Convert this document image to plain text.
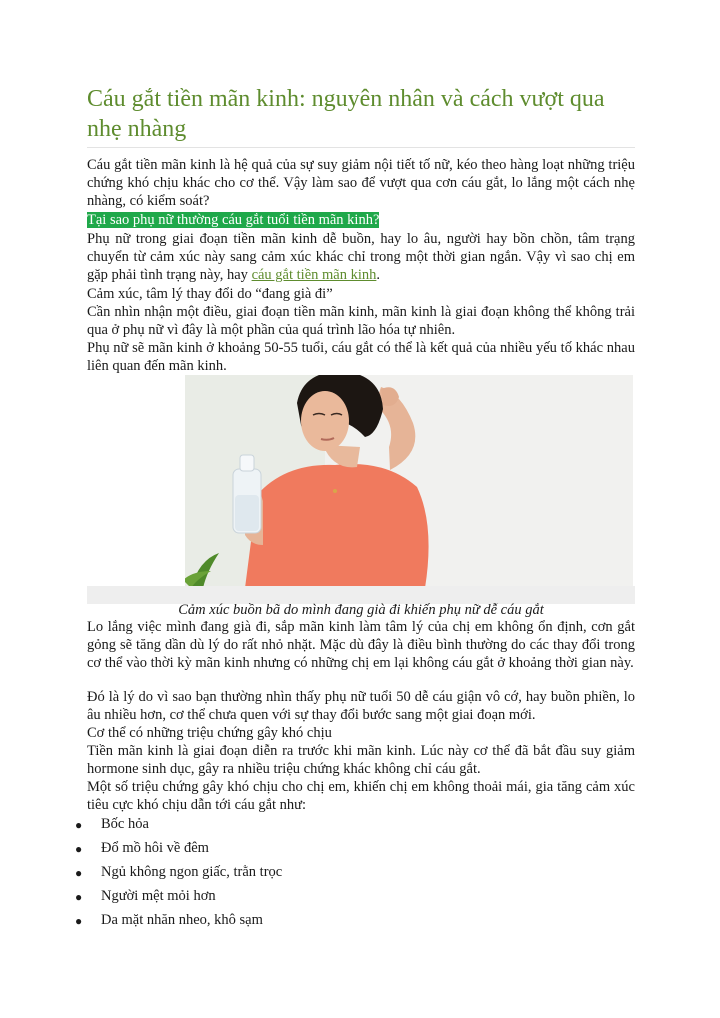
Cáu gắt tiền mãn kinh: nguyên nhân và cách vượt qua nhẹ nhàng

Cáu gắt tiền mãn kinh là hệ quả của sự suy giảm nội tiết tố nữ, kéo theo hàng loạt những triệu chứng khó chịu khác cho cơ thể. Vậy làm sao để vượt qua cơn cáu gắt, lo lắng một cách nhẹ nhàng, có kiểm soát?

Tại sao phụ nữ thường cáu gắt tuổi tiền mãn kinh?

Phụ nữ trong giai đoạn tiền mãn kinh dễ buồn, hay lo âu, người hay bồn chồn, tâm trạng chuyển từ cảm xúc này sang cảm xúc khác chỉ trong một thời gian ngắn. Vậy vì sao chị em gặp phải tình trạng này, hay cáu gắt tiền mãn kinh.

Cảm xúc, tâm lý thay đổi do “đang già đi”

Cần nhìn nhận một điều, giai đoạn tiền mãn kinh, mãn kinh là giai đoạn không thể không trải qua ở phụ nữ vì đây là một phần của quá trình lão hóa tự nhiên.

Phụ nữ sẽ mãn kinh ở khoảng 50-55 tuổi, cáu gắt có thể là kết quả của nhiều yếu tố khác nhau liên quan đến mãn kinh.

Cảm xúc buồn bã do mình đang già đi khiến phụ nữ dễ cáu gắt

Lo lắng việc mình đang già đi, sắp mãn kinh làm tâm lý của chị em không ổn định, cơn gắt gỏng sẽ tăng dần dù lý do rất nhỏ nhặt. Mặc dù đây là điều bình thường do các thay đổi trong cơ thể vào thời kỳ mãn kinh nhưng có những chị em lại không cáu gắt ở khoảng thời gian này.

Đó là lý do vì sao bạn thường nhìn thấy phụ nữ tuổi 50 dễ cáu giận vô cớ, hay buồn phiền, lo âu nhiều hơn, cơ thể chưa quen với sự thay đổi bước sang một giai đoạn mới.

Cơ thể có những triệu chứng gây khó chịu

Tiền mãn kinh là giai đoạn diễn ra trước khi mãn kinh. Lúc này cơ thể đã bắt đầu suy giảm hormone sinh dục, gây ra nhiều triệu chứng khác không chỉ cáu gắt.

Một số triệu chứng gây khó chịu cho chị em, khiến chị em không thoải mái, gia tăng cảm xúc tiêu cực khó chịu dẫn tới cáu gắt như:

● Bốc hỏa
● Đổ mồ hôi về đêm
● Ngủ không ngon giấc, trằn trọc
● Người mệt mỏi hơn
● Da mặt nhăn nheo, khô sạm
